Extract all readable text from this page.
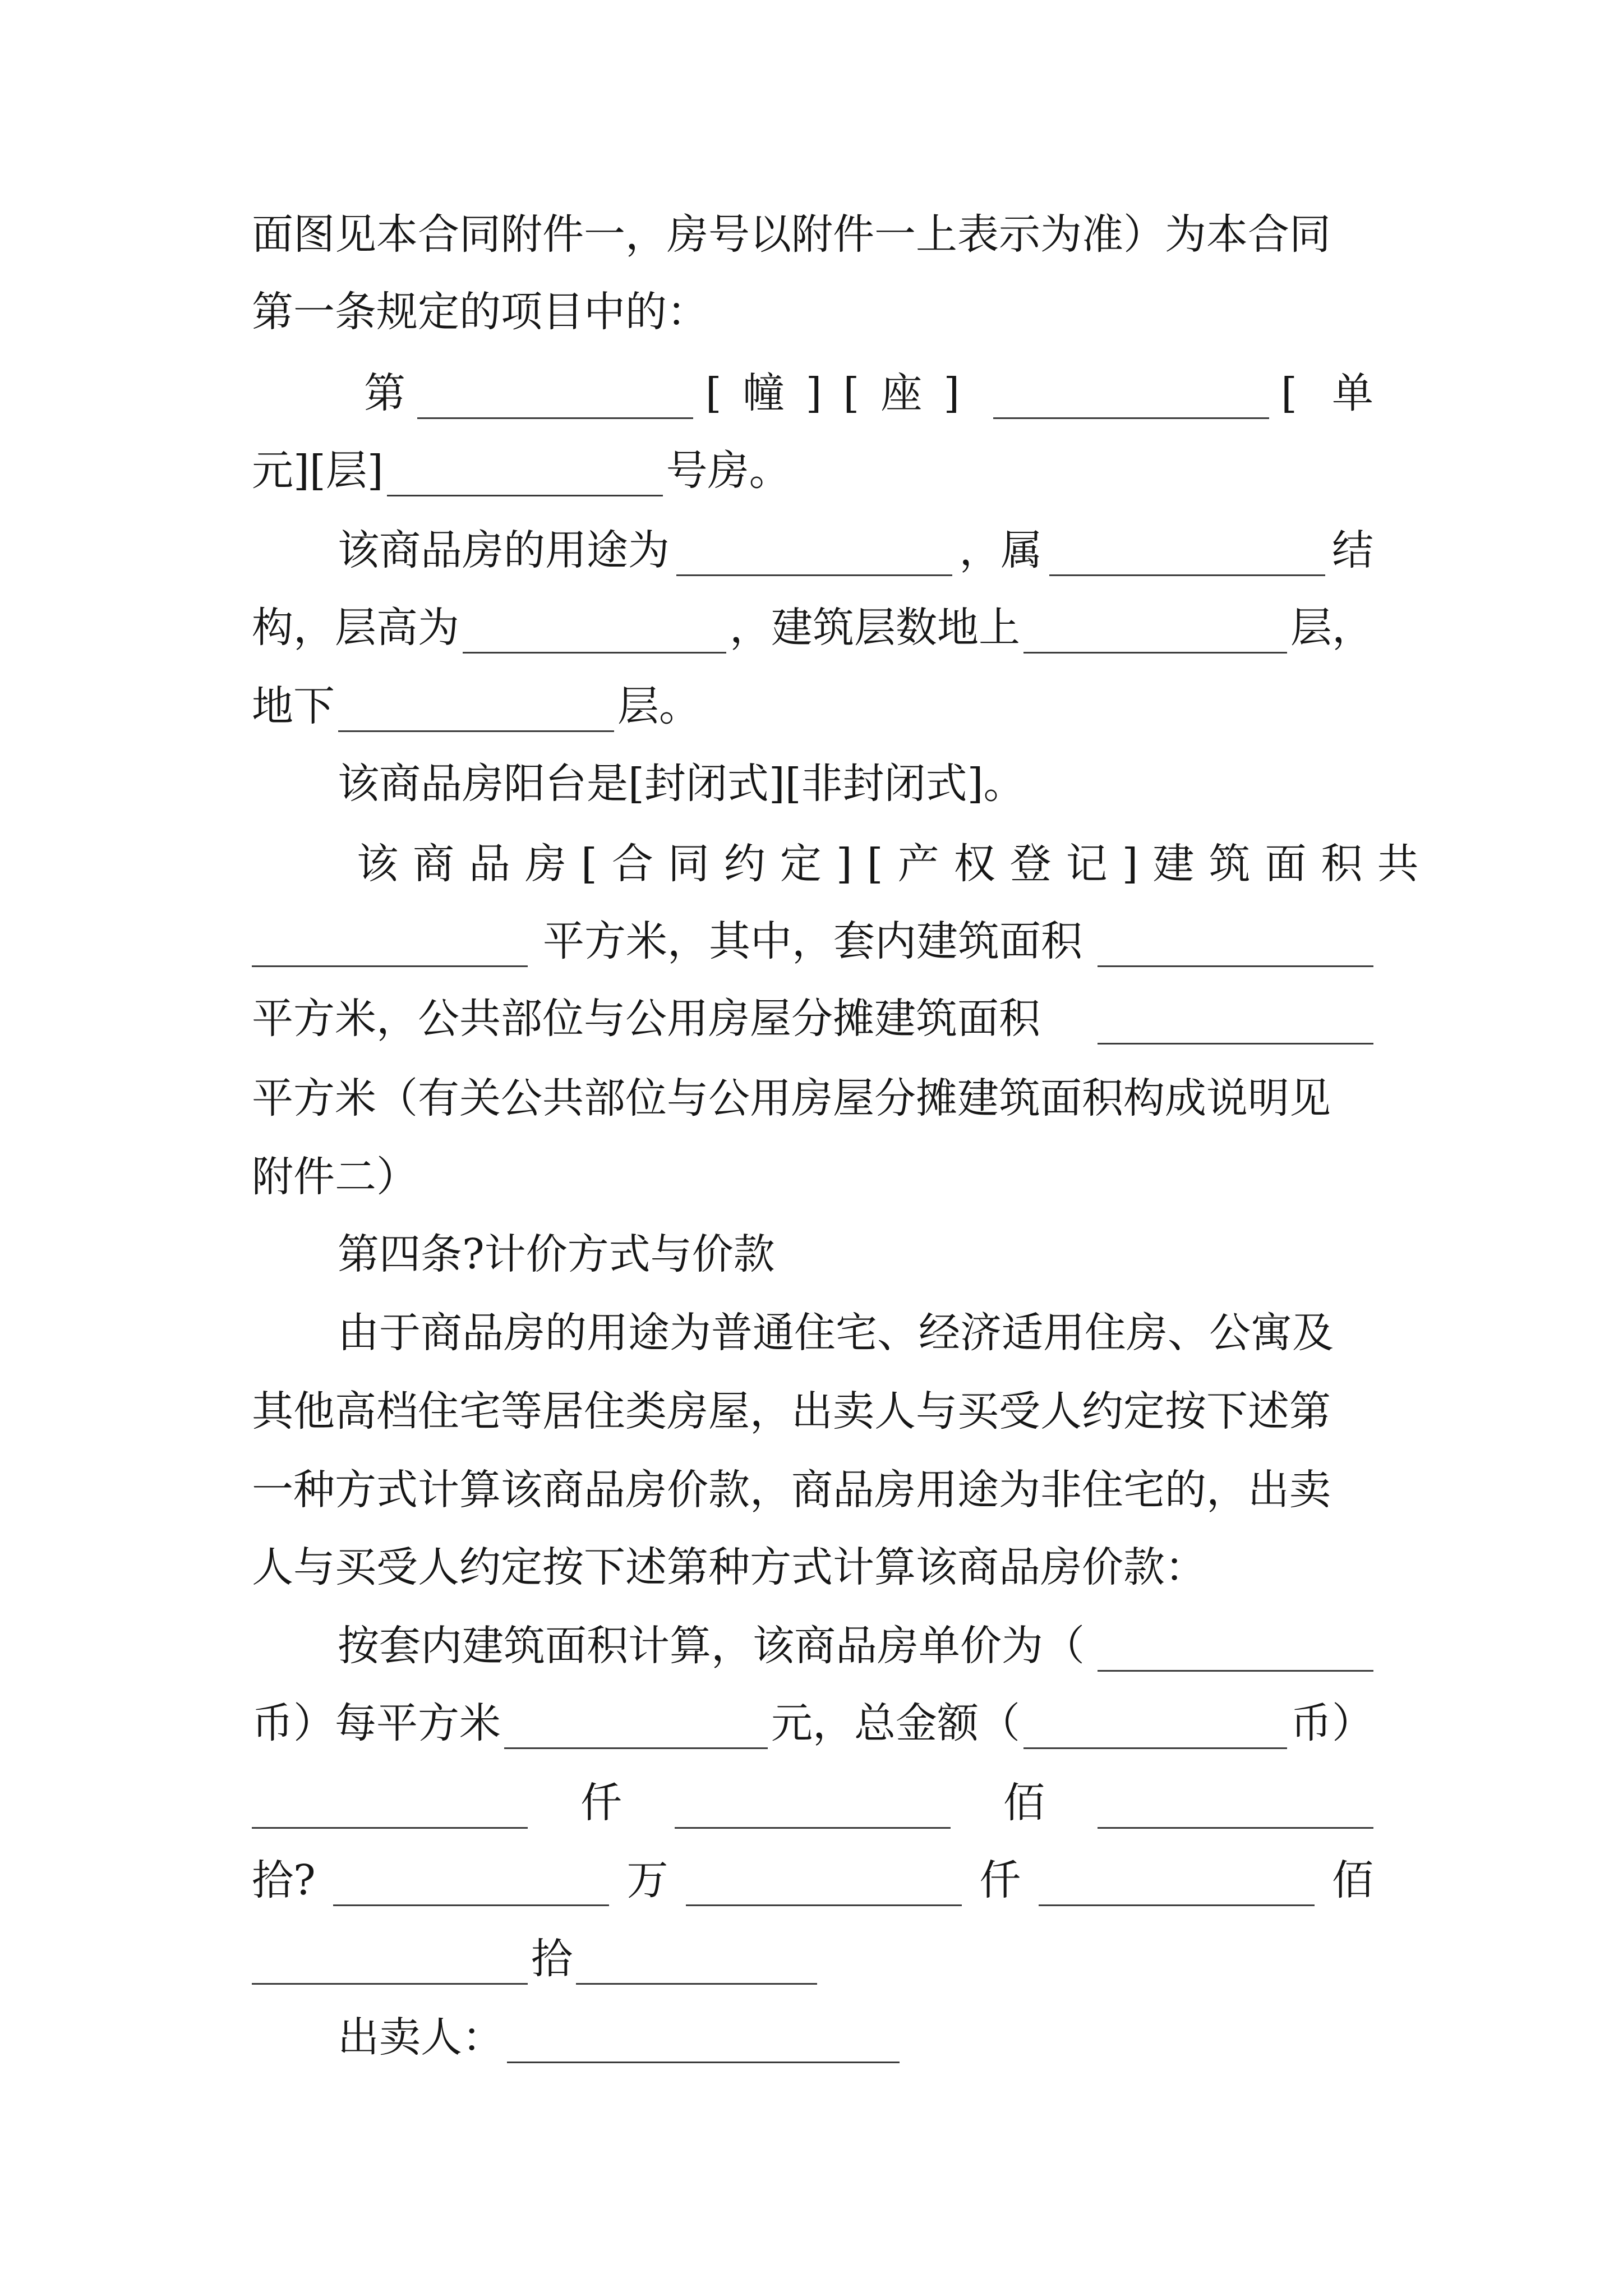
面图见本合同附件一，房号以附件一上表示为准）为本合同
第一条规定的项目中的：
第	[幢][座]	[单
元][层]	号房。
该商品房的用途为	，属	结
构，层高为	，建筑层数地上	层，
地下	层。
该商品房阳台是[封闭式][非封闭式]。
该商品房[合同约定][产权登记]建筑面积共
平方米，其中，套内建筑面积
平方米，公共部位与公用房屋分摊建筑面积
平方米（有关公共部位与公用房屋分摊建筑面积构成说明见
附件二）
第四条?计价方式与价款
由于商品房的用途为普通住宅、经济适用住房、公寓及
其他高档住宅等居住类房屋，出卖人与买受人约定按下述第
一种方式计算该商品房价款，商品房用途为非住宅的，出卖
人与买受人约定按下述第种方式计算该商品房价款：
按套内建筑面积计算，该商品房单价为（
币）每平方米	元，总金额（	币）
仟	佰
拾?	万	仟	佰
拾
出卖人：
